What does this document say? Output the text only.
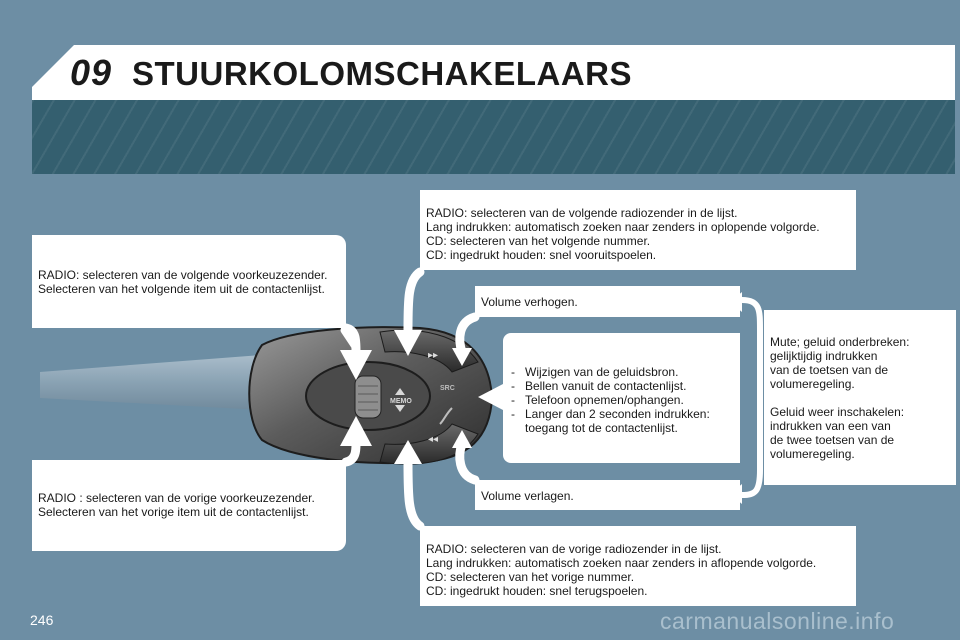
09 STUURKOLOMSCHAKELAARS
MEMO
▸▸
◂◂
SRC
RADIO: selecteren van de volgende radiozender in de lijst.
Lang indrukken: automatisch zoeken naar zenders in oplopende volgorde.
CD: selecteren van het volgende nummer.
CD: ingedrukt houden: snel vooruitspoelen.
RADIO: selecteren van de volgende voorkeuzezender.
Selecteren van het volgende item uit de contactenlijst.
Volume verhogen.
- Wijzigen van de geluidsbron.
- Bellen vanuit de contactenlijst.
- Telefoon opnemen/ophangen.
- Langer dan 2 seconden indrukken: toegang tot de contactenlijst.
Mute; geluid onderbreken:
gelijktijdig indrukken
van de toetsen van de
volumeregeling.
Geluid weer inschakelen:
indrukken van een van
de twee toetsen van de
volumeregeling.
Volume verlagen.
RADIO : selecteren van de vorige voorkeuzezender.
Selecteren van het vorige item uit de contactenlijst.
RADIO: selecteren van de vorige radiozender in de lijst.
Lang indrukken: automatisch zoeken naar zenders in aflopende volgorde.
CD: selecteren van het vorige nummer.
CD: ingedrukt houden: snel terugspoelen.
246	carmanualsonline.info
